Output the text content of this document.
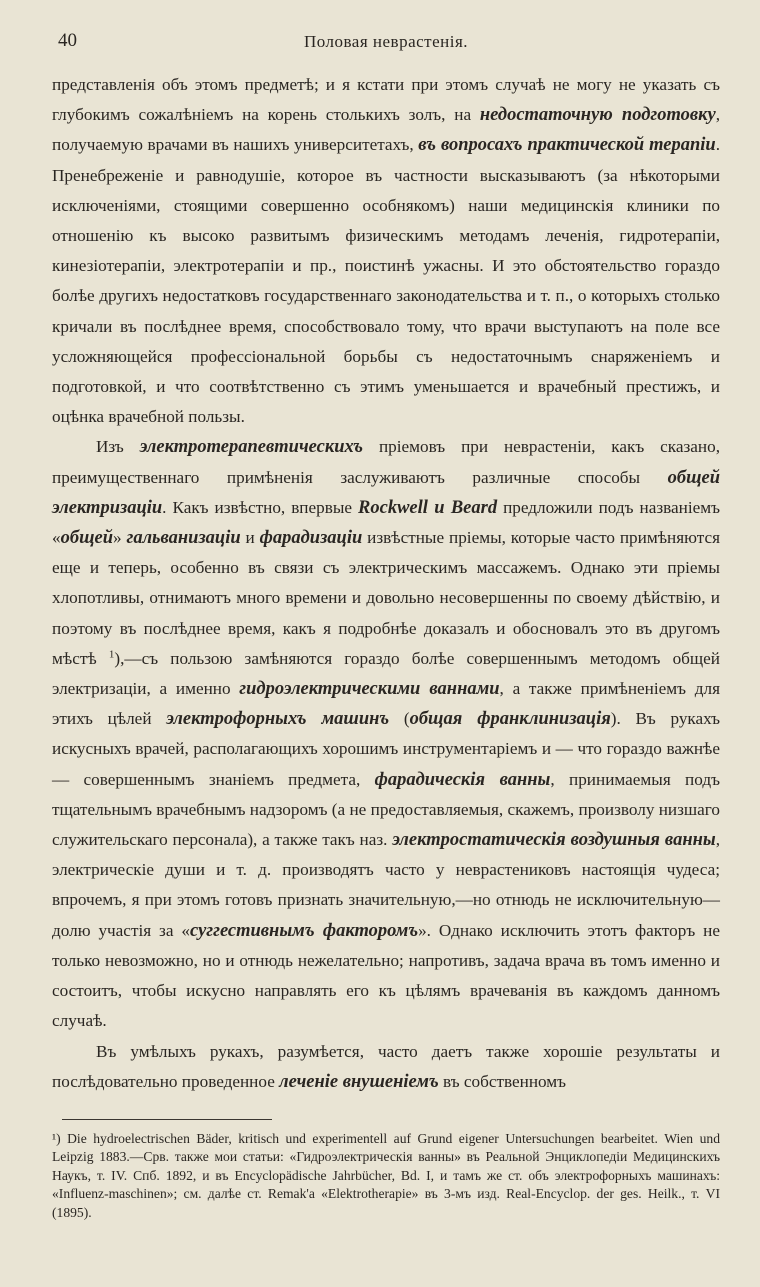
40	Половая неврастенія.

представленія объ этомъ предметѣ; и я кстати при этомъ случаѣ не могу не указать съ глубокимъ сожалѣніемъ на корень столькихъ золъ, на недостаточную подготовку, получаемую врачами въ нашихъ университетахъ, въ вопросахъ практической терапіи. Пренебреженіе и равнодушіе, которое въ частности высказываютъ (за нѣкоторыми исключеніями, стоящими совершенно особнякомъ) наши медицинскія клиники по отношенію къ высоко развитымъ физическимъ методамъ леченія, гидротерапіи, кинезіотерапіи, электротерапіи и пр., поистинѣ ужасны. И это обстоятельство гораздо болѣе другихъ недостатковъ государственнаго законодательства и т. п., о которыхъ столько кричали въ послѣднее время, способствовало тому, что врачи выступаютъ на поле все усложняющейся профессіональной борьбы съ недостаточнымъ снаряженіемъ и подготовкой, и что соотвѣтственно съ этимъ уменьшается и врачебный престижъ, и оцѣнка врачебной пользы.

Изъ электротерапевтическихъ пріемовъ при неврастеніи, какъ сказано, преимущественнаго примѣненія заслуживаютъ различные способы общей электризаціи. Какъ извѣстно, впервые Rockwell и Beard предложили подъ названіемъ «общей» гальванизаціи и фарадизаціи извѣстные пріемы, которые часто примѣняются еще и теперь, особенно въ связи съ электрическимъ массажемъ. Однако эти пріемы хлопотливы, отнимаютъ много времени и довольно несовершенны по своему дѣйствію, и поэтому въ послѣднее время, какъ я подробнѣе доказалъ и обосновалъ это въ другомъ мѣстѣ $^1$),—съ пользою замѣняются гораздо болѣе совершеннымъ методомъ общей электризаціи, а именно гидроэлектрическими ваннами, а также примѣненіемъ для этихъ цѣлей электрофорныхъ машинъ (общая франклинизація). Въ рукахъ искусныхъ врачей, располагающихъ хорошимъ инструментаріемъ и — что гораздо важнѣе — совершеннымъ знаніемъ предмета, фарадическія ванны, принимаемыя подъ тщательнымъ врачебнымъ надзоромъ (а не предоставляемыя, скажемъ, произволу низшаго служительскаго персонала), а также такъ наз. электростатическія воздушныя ванны, электрическіе души и т. д. производятъ часто у неврастениковъ настоящія чудеса; впрочемъ, я при этомъ готовъ признать значительную,—но отнюдь не исключительную— долю участія за «суггестивнымъ факторомъ». Однако исключить этотъ факторъ не только невозможно, но и отнюдь нежелательно; напротивъ, задача врача въ томъ именно и состоитъ, чтобы искусно направлять его къ цѣлямъ врачеванія въ каждомъ данномъ случаѣ.

Въ умѣлыхъ рукахъ, разумѣется, часто даетъ также хорошіе результаты и послѣдовательно проведенное леченіе внушеніемъ въ собственномъ

¹) Die hydroelectrischen Bäder, kritisch und experimentell auf Grund eigener Untersuchungen bearbeitet. Wien und Leipzig 1883.—Срв. также мои статьи: «Гидроэлектрическія ванны» въ Реальной Энциклопедіи Медицинскихъ Наукъ, т. IV. Спб. 1892, и въ Encyclopädische Jahrbücher, Bd. I, и тамъ же ст. объ электрофорныхъ машинахъ: «Influenz-maschinen»; см. далѣе ст. Remak'a «Elektrotherapie» въ 3-мъ изд. Real-Encyclop. der ges. Heilk., т. VI (1895).
